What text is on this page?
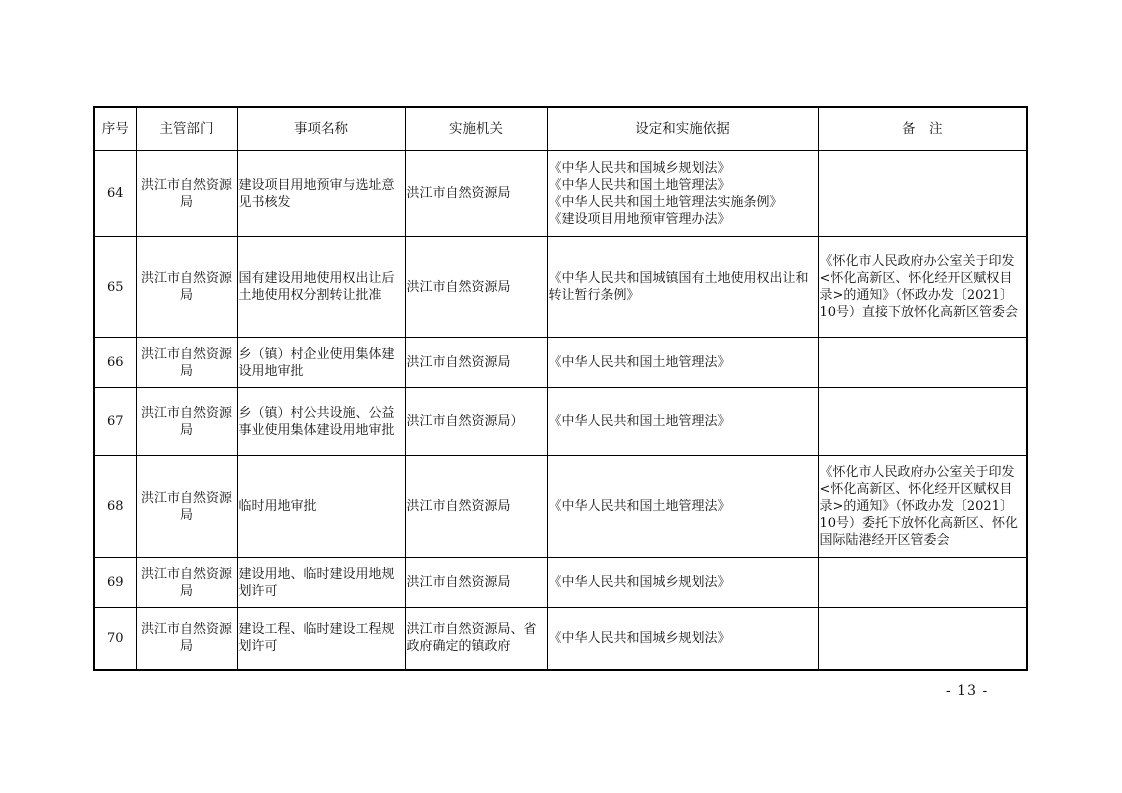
序号	主管部门	事项名称	实施机关	设定和实施依据	备　注
64	洪江市自然资源局	建设项目用地预审与选址意见书核发	洪江市自然资源局	《中华人民共和国城乡规划法》
《中华人民共和国土地管理法》
《中华人民共和国土地管理法实施条例》
《建设项目用地预审管理办法》	

65	洪江市自然资源局	国有建设用地使用权出让后土地使用权分割转让批准	洪江市自然资源局	《中华人民共和国城镇国有土地使用权出让和转让暂行条例》	《怀化市人民政府办公室关于印发<怀化高新区、怀化经开区赋权目录>的通知》（怀政办发〔2021〕10号）直接下放怀化高新区管委会
66	洪江市自然资源局	乡（镇）村企业使用集体建设用地审批	洪江市自然资源局	《中华人民共和国土地管理法》	
67	洪江市自然资源局	乡（镇）村公共设施、公益事业使用集体建设用地审批	洪江市自然资源局）	《中华人民共和国土地管理法》	
68	洪江市自然资源局	临时用地审批	洪江市自然资源局	《中华人民共和国土地管理法》	《怀化市人民政府办公室关于印发<怀化高新区、怀化经开区赋权目录>的通知》（怀政办发〔2021〕10号）委托下放怀化高新区、怀化国际陆港经开区管委会
69	洪江市自然资源局	建设用地、临时建设用地规划许可	洪江市自然资源局	《中华人民共和国城乡规划法》	
70	洪江市自然资源局	建设工程、临时建设工程规划许可	洪江市自然资源局、省政府确定的镇政府	《中华人民共和国城乡规划法》	
- 13 -
